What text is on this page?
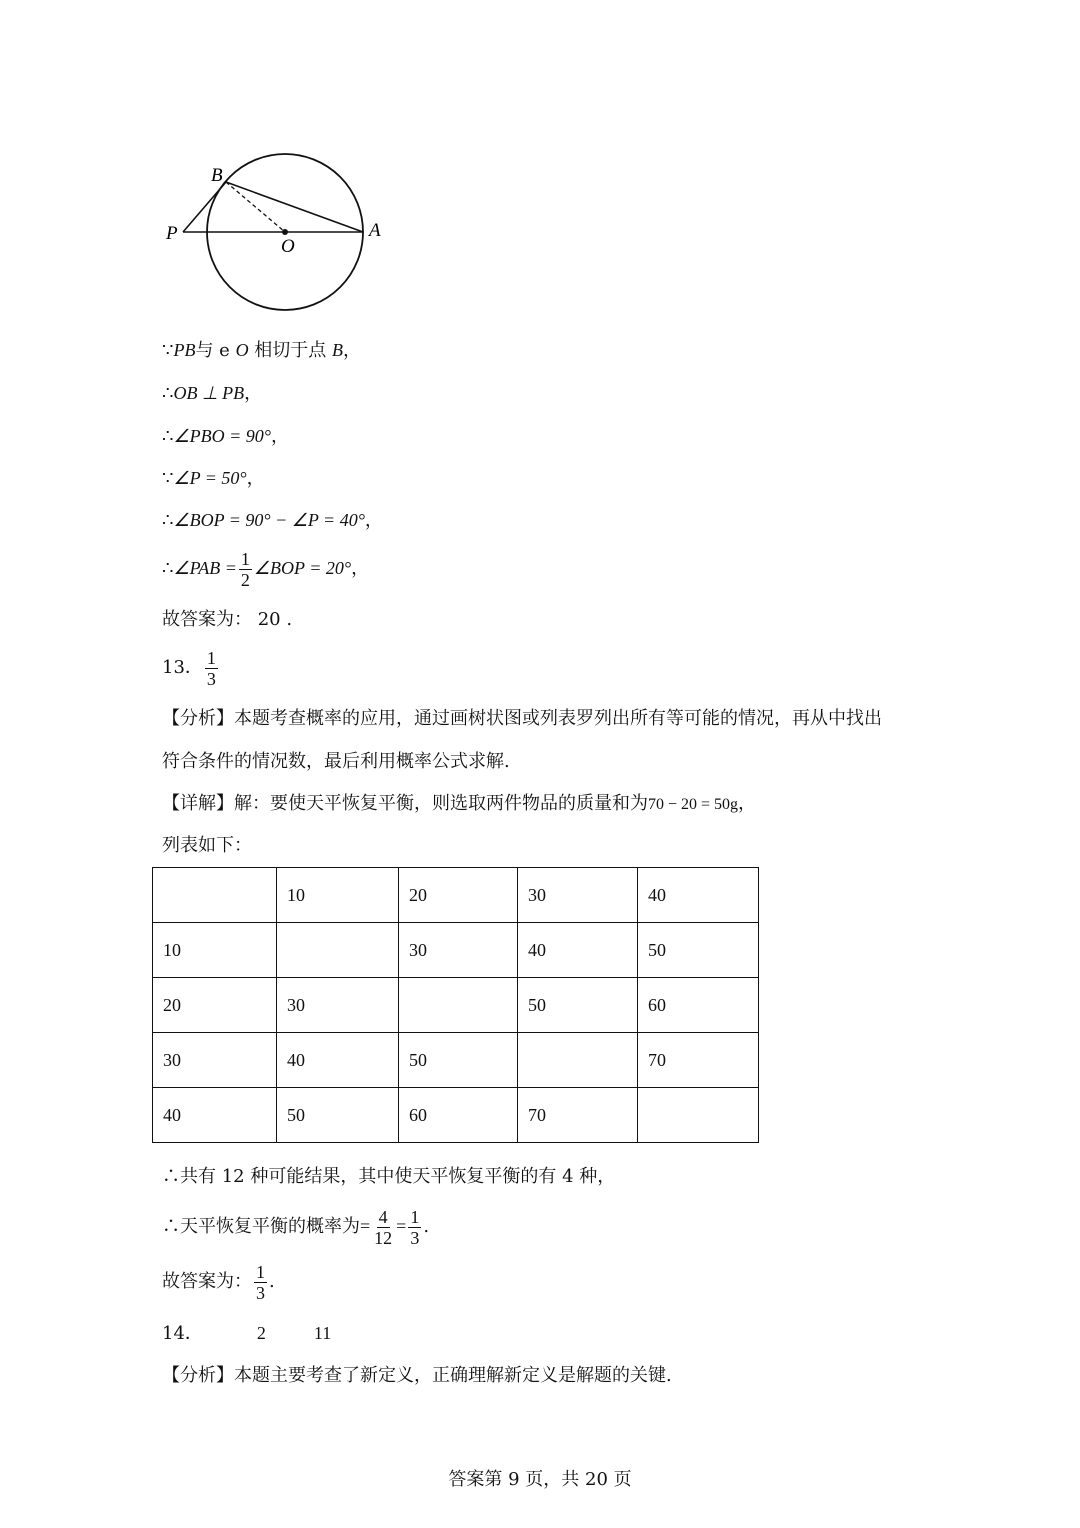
B
P
O
A
∵PB与 e O 相切于点 B，
∴OB ⊥ PB，
∴∠PBO = 90°，
∵∠P = 50°，
∴∠BOP = 90° − ∠P = 40°，
∴∠PAB = $\frac{1}{2}$ ∠BOP = 20°，
故答案为： 20 .
13． $\frac{1}{3}$
【分析】本题考查概率的应用，通过画树状图或列表罗列出所有等可能的情况，再从中找出
符合条件的情况数，最后利用概率公式求解.
【详解】解：要使天平恢复平衡，则选取两件物品的质量和为70 − 20 = 50g，
列表如下：
	10	20	30	40
10		30	40	50
20	30		50	60
30	40	50		70
40	50	60	70	
∴共有 12 种可能结果，其中使天平恢复平衡的有 4 种，
∴天平恢复平衡的概率为= $\frac{4}{12} = \frac{1}{3}$ .
故答案为： $\frac{1}{3}$ .
14．	2	11
【分析】本题主要考查了新定义，正确理解新定义是解题的关键.
答案第 9 页，共 20 页
